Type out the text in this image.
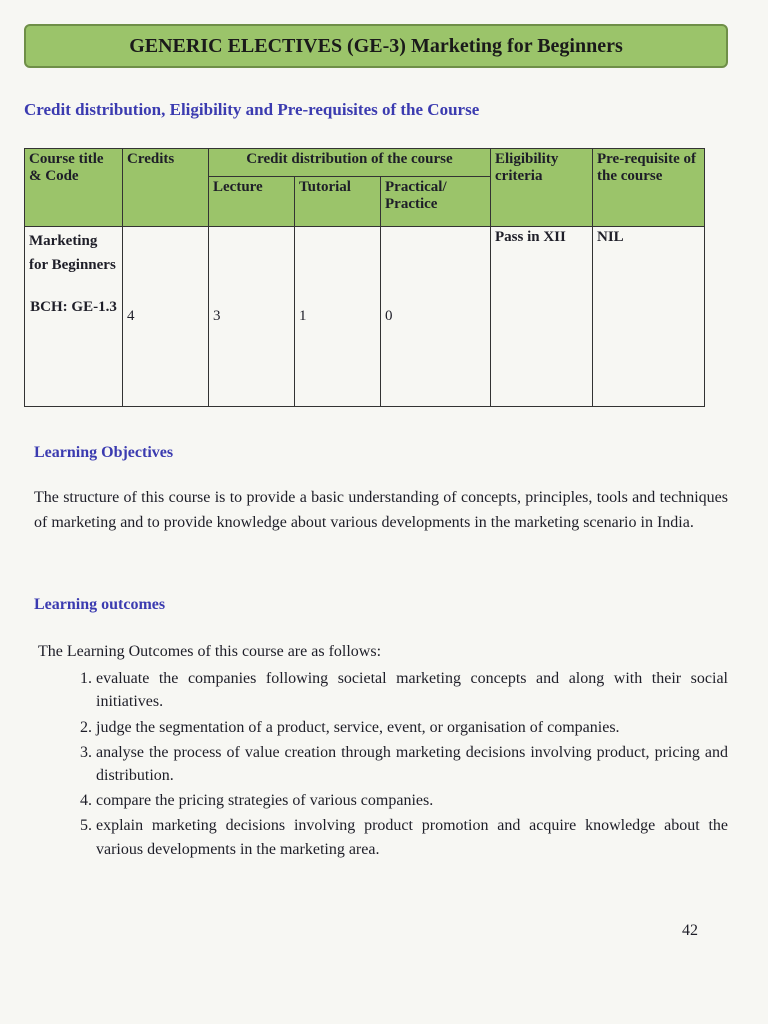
GENERIC ELECTIVES (GE-3) Marketing for Beginners
Credit distribution, Eligibility and Pre-requisites of the Course
Course title & Code	Credits	Credit distribution of the course			Eligibility criteria	Pre-requisite of the course
		Lecture	Tutorial	Practical/ Practice		

Marketing for Beginners
BCH: GE-1.3	4	3	1	0	Pass in XII	NIL
Learning Objectives
The structure of this course is to provide a basic understanding of concepts, principles, tools and techniques of marketing and to provide knowledge about various developments in the marketing scenario in India.
Learning outcomes
The Learning Outcomes of this course are as follows:
1. evaluate the companies following societal marketing concepts and along with their social initiatives.
2. judge the segmentation of a product, service, event, or organisation of companies.
3. analyse the process of value creation through marketing decisions involving product, pricing and distribution.
4. compare the pricing strategies of various companies.
5. explain marketing decisions involving product promotion and acquire knowledge about the various developments in the marketing area.
42
